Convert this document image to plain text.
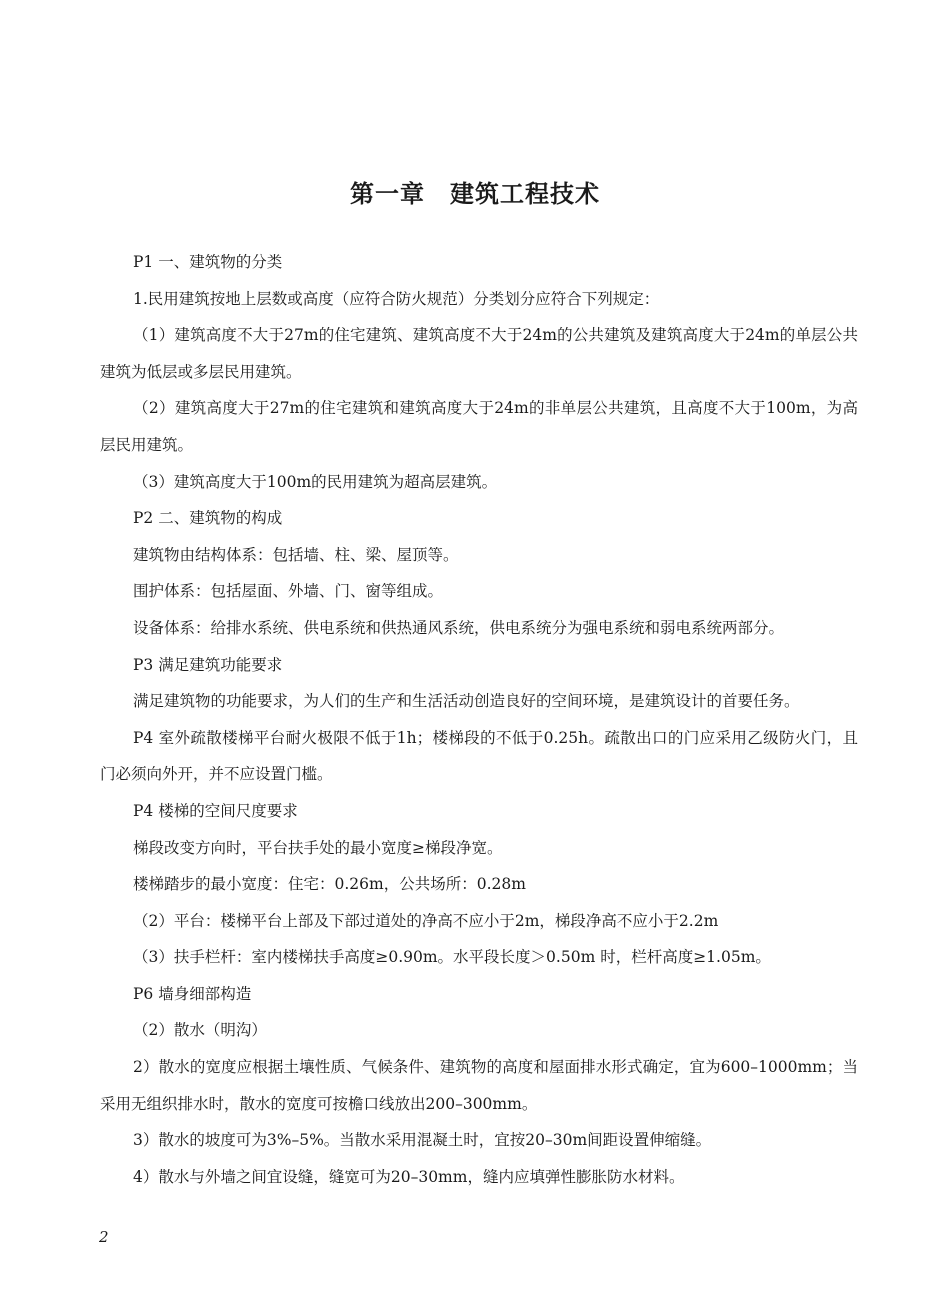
第一章　建筑工程技术

P1 一、建筑物的分类

1.民用建筑按地上层数或高度（应符合防火规范）分类划分应符合下列规定：

（1）建筑高度不大于27m的住宅建筑、建筑高度不大于24m的公共建筑及建筑高度大于24m的单层公共建筑为低层或多层民用建筑。

（2）建筑高度大于27m的住宅建筑和建筑高度大于24m的非单层公共建筑，且高度不大于100m，为高层民用建筑。

（3）建筑高度大于100m的民用建筑为超高层建筑。

P2 二、建筑物的构成

建筑物由结构体系：包括墙、柱、梁、屋顶等。

围护体系：包括屋面、外墙、门、窗等组成。

设备体系：给排水系统、供电系统和供热通风系统，供电系统分为强电系统和弱电系统两部分。

P3 满足建筑功能要求

满足建筑物的功能要求，为人们的生产和生活活动创造良好的空间环境，是建筑设计的首要任务。

P4 室外疏散楼梯平台耐火极限不低于1h；楼梯段的不低于0.25h。疏散出口的门应采用乙级防火门，且门必须向外开，并不应设置门槛。

P4 楼梯的空间尺度要求

梯段改变方向时，平台扶手处的最小宽度≥梯段净宽。

楼梯踏步的最小宽度：住宅：0.26m，公共场所：0.28m

（2）平台：楼梯平台上部及下部过道处的净高不应小于2m，梯段净高不应小于2.2m

（3）扶手栏杆：室内楼梯扶手高度≥0.90m。水平段长度＞0.50m 时，栏杆高度≥1.05m。

P6 墙身细部构造

（2）散水（明沟）

2）散水的宽度应根据土壤性质、气候条件、建筑物的高度和屋面排水形式确定，宜为600–1000mm；当采用无组织排水时，散水的宽度可按檐口线放出200–300mm。

3）散水的坡度可为3%–5%。当散水采用混凝土时，宜按20–30m间距设置伸缩缝。

4）散水与外墙之间宜设缝，缝宽可为20–30mm，缝内应填弹性膨胀防水材料。

2
